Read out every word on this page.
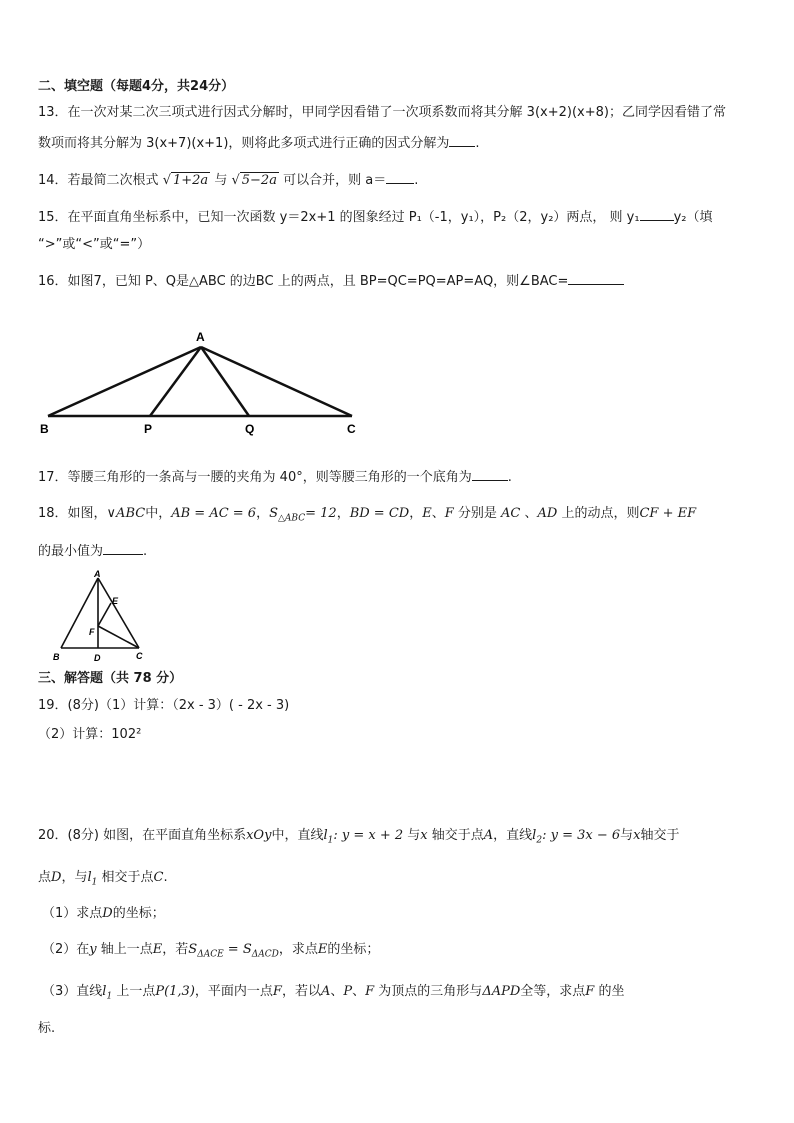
二、填空题（每题4分，共24分）
13．在一次对某二次三项式进行因式分解时，甲同学因看错了一次项系数而将其分解 3(x+2)(x+8)；乙同学因看错了常
数项而将其分解为 3(x+7)(x+1)，则将此多项式进行正确的因式分解为 .
14．若最简二次根式 √ 1+2a 与 √ 5−2a 可以合并，则 a＝ .
15．在平面直角坐标系中，已知一次函数 y＝2x+1 的图象经过 P₁（-1，y₁），P₂（2，y₂）两点， 则 y₁	y₂（填
“>”或“<”或“=”）
16．如图7，已知 P、Q是△ABC 的边BC 上的两点，且 BP=QC=PQ=AP=AQ，则∠BAC=
A
B	P	Q	C
17．等腰三角形的一条高与一腰的夹角为 40°，则等腰三角形的一个底角为	.
18．如图，∨ABC中，AB = AC = 6，$S_{\triangle ABC}= 12$，BD = CD，E、F 分别是 AC 、AD 上的动点，则CF + EF
的最小值为	.
A
E
F
B	D	C
三、解答题（共 78 分）
19．(8分)（1）计算：（2x - 3）( - 2x - 3)
（2）计算：102²
20．(8分) 如图，在平面直角坐标系xOy中，直线$l_1$: y = x + 2 与x 轴交于点A，直线$l_2$: y = 3x − 6与x轴交于
点D，与$l_1$ 相交于点C.
（1）求点D的坐标；
（2）在y 轴上一点E，若$S_{\Delta ACE} = S_{\Delta ACD}$，求点E的坐标；
（3）直线$l_1$ 上一点P(1,3)，平面内一点F，若以A、P、F 为顶点的三角形与ΔAPD全等，求点F 的坐
标.
